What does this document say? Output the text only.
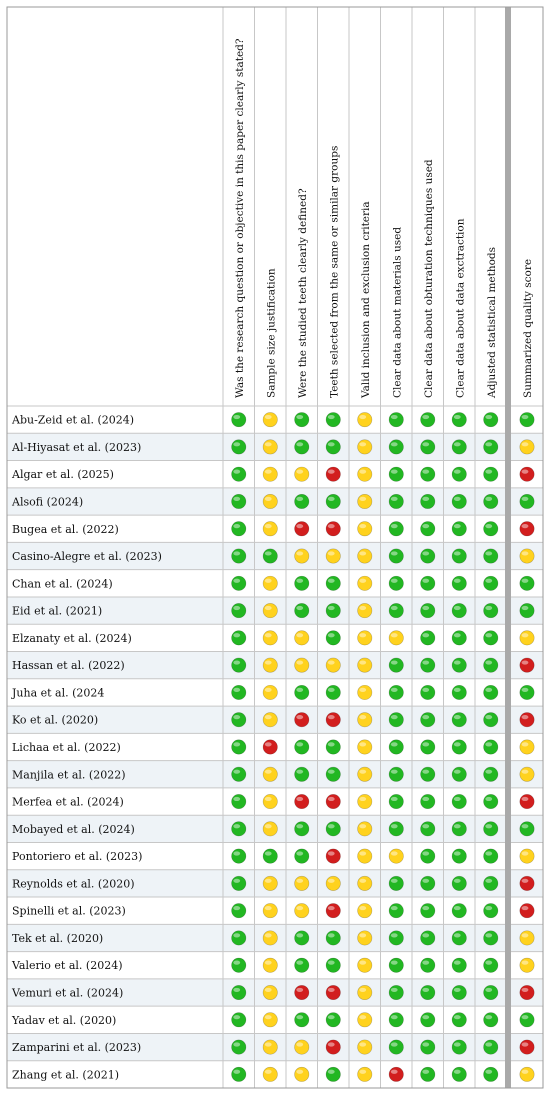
Was the research question or objective in this paper clearly stated? Sample size justification Were the studied teeth clearly defined? Teeth selected from the same or similar groups Valid inclusion and exclusion criteria Clear data about materials used Clear data about obturation techniques used Clear data about data exctraction Adjusted statistical methods Summarized quality score
Abu-Zeid et al. (2024)
Al-Hiyasat et al. (2023)
Algar et al. (2025)
Alsofi (2024)
Bugea et al. (2022)
Casino-Alegre et al. (2023)
Chan et al. (2024)
Eid et al. (2021)
Elzanaty et al. (2024)
Hassan et al. (2022)
Juha et al. (2024
Ko et al. (2020)
Lichaa et al. (2022)
Manjila et al. (2022)
Merfea et al. (2024)
Mobayed et al. (2024)
Pontoriero et al. (2023)
Reynolds et al. (2020)
Spinelli et al. (2023)
Tek et al. (2020)
Valerio et al. (2024)
Vemuri et al. (2024)
Yadav et al. (2020)
Zamparini et al. (2023)
Zhang et al. (2021)
